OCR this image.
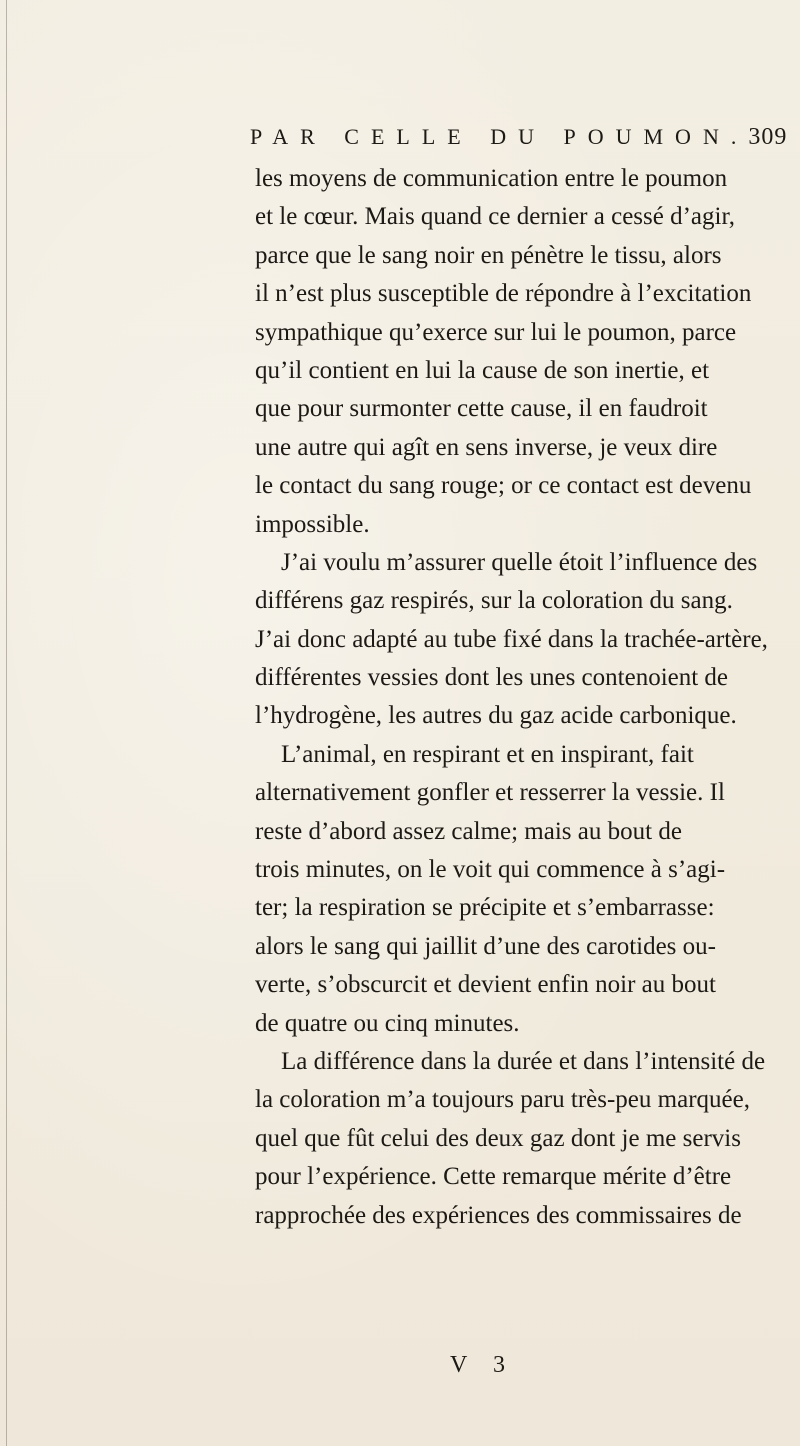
PAR CELLE DU POUMON. 309
les moyens de communication entre le poumon
et le cœur. Mais quand ce dernier a cessé d’agir,
parce que le sang noir en pénètre le tissu, alors
il n’est plus susceptible de répondre à l’excitation
sympathique qu’exerce sur lui le poumon, parce
qu’il contient en lui la cause de son inertie, et
que pour surmonter cette cause, il en faudroit
une autre qui agît en sens inverse, je veux dire
le contact du sang rouge; or ce contact est devenu
impossible.
J’ai voulu m’assurer quelle étoit l’influence des
différens gaz respirés, sur la coloration du sang.
J’ai donc adapté au tube fixé dans la trachée-artère,
différentes vessies dont les unes contenoient de
l’hydrogène, les autres du gaz acide carbonique.
L’animal, en respirant et en inspirant, fait
alternativement gonfler et resserrer la vessie. Il
reste d’abord assez calme; mais au bout de
trois minutes, on le voit qui commence à s’agi-
ter; la respiration se précipite et s’embarrasse:
alors le sang qui jaillit d’une des carotides ou-
verte, s’obscurcit et devient enfin noir au bout
de quatre ou cinq minutes.
La différence dans la durée et dans l’intensité de
la coloration m’a toujours paru très-peu marquée,
quel que fût celui des deux gaz dont je me servis
pour l’expérience. Cette remarque mérite d’être
rapprochée des expériences des commissaires de
V 3
